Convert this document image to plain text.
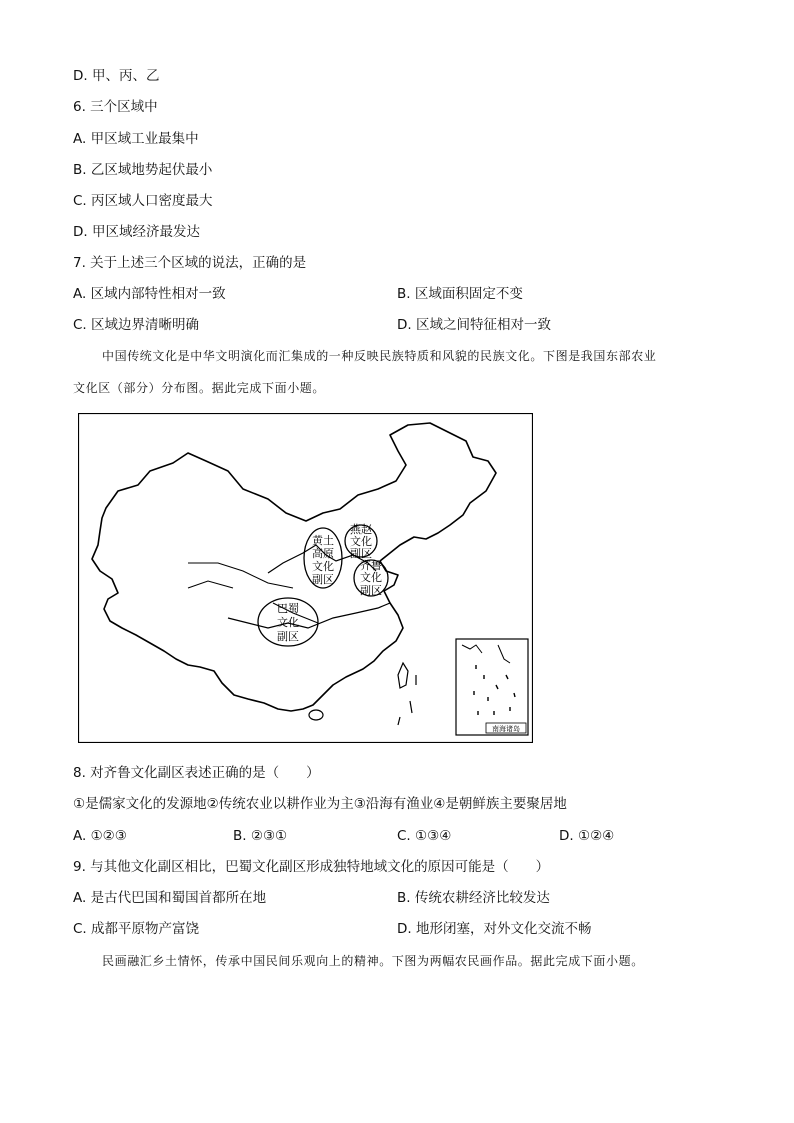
D. 甲、丙、乙
6. 三个区域中
A. 甲区域工业最集中
B. 乙区域地势起伏最小
C. 丙区域人口密度最大
D. 甲区域经济最发达
7. 关于上述三个区域的说法，正确的是
A. 区域内部特性相对一致	B. 区域面积固定不变
C. 区域边界清晰明确	D. 区域之间特征相对一致
中国传统文化是中华文明演化而汇集成的一种反映民族特质和风貌的民族文化。下图是我国东部农业
文化区（部分）分布图。据此完成下面小题。
黄土
高原
文化
副区
燕赵
文化
副区
齐鲁
文化
副区
巴蜀
文化
副区
南海诸岛
8. 对齐鲁文化副区表述正确的是（　　）
①是儒家文化的发源地②传统农业以耕作业为主③沿海有渔业④是朝鲜族主要聚居地
A. ①②③	B. ②③①	C. ①③④	D. ①②④
9. 与其他文化副区相比，巴蜀文化副区形成独特地域文化的原因可能是（　　）
A. 是古代巴国和蜀国首都所在地	B. 传统农耕经济比较发达
C. 成都平原物产富饶	D. 地形闭塞，对外文化交流不畅
民画融汇乡土情怀，传承中国民间乐观向上的精神。下图为两幅农民画作品。据此完成下面小题。
